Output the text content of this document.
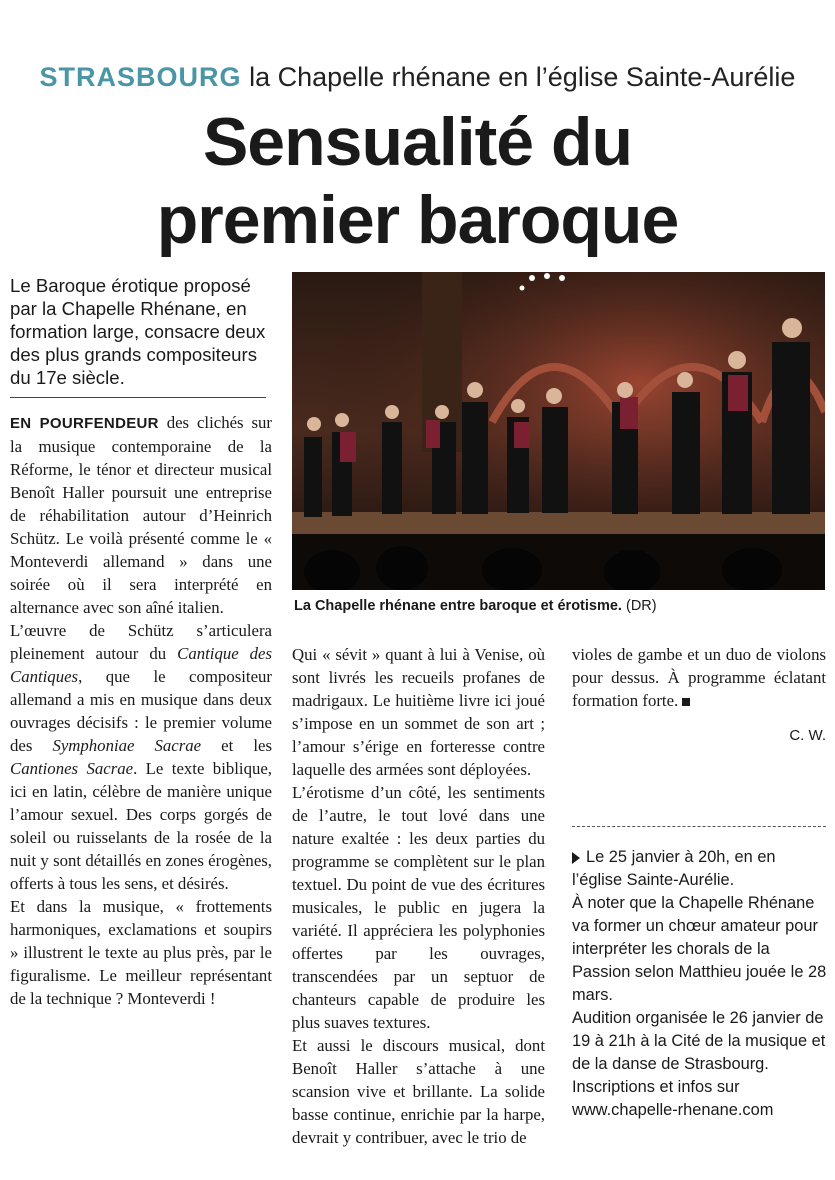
STRASBOURG la Chapelle rhénane en l’église Sainte-Aurélie
Sensualité du
premier baroque
Le Baroque érotique proposé par la Chapelle Rhénane, en formation large, consacre deux des plus grands compositeurs du 17e siècle.
La Chapelle rhénane entre baroque et érotisme. (DR)

EN POURFENDEUR des clichés sur la musique contemporaine de la Réforme, le ténor et directeur musical Benoît Haller poursuit une entreprise de réhabilitation autour d’Heinrich Schütz. Le voilà présenté comme le « Monteverdi allemand » dans une soirée où il sera interprété en alternance avec son aîné italien.

L’œuvre de Schütz s’articulera pleinement autour du Cantique des Cantiques, que le compositeur allemand a mis en musique dans deux ouvrages décisifs : le premier volume des Symphoniae Sacrae et les Cantiones Sacrae. Le texte biblique, ici en latin, célèbre de manière unique l’amour sexuel. Des corps gorgés de soleil ou ruisselants de la rosée de la nuit y sont détaillés en zones érogènes, offerts à tous les sens, et désirés.

Et dans la musique, « frottements harmoniques, exclamations et soupirs » illustrent le texte au plus près, par le figuralisme. Le meilleur représentant de la technique ? Monteverdi !

Qui « sévit » quant à lui à Venise, où sont livrés les recueils profanes de madrigaux. Le huitième livre ici joué s’impose en un sommet de son art ; l’amour s’érige en forteresse contre laquelle des armées sont déployées.

L’érotisme d’un côté, les sentiments de l’autre, le tout lové dans une nature exaltée : les deux parties du programme se complètent sur le plan textuel. Du point de vue des écritures musicales, le public en jugera la variété. Il appréciera les polyphonies offertes par les ouvrages, transcendées par un septuor de chanteurs capable de produire les plus suaves textures.

Et aussi le discours musical, dont Benoît Haller s’attache à une scansion vive et brillante. La solide basse continue, enrichie par la harpe, devrait y contribuer, avec le trio de

violes de gambe et un duo de violons pour dessus. À programme éclatant formation forte.

C. W.

Le 25 janvier à 20h, en en l’église Sainte-Aurélie.

À noter que la Chapelle Rhénane va former un chœur amateur pour interpréter les chorals de la Passion selon Matthieu jouée le 28 mars.

Audition organisée le 26 janvier de 19 à 21h à la Cité de la musique et de la danse de Strasbourg. Inscriptions et infos sur www.chapelle-rhenane.com
